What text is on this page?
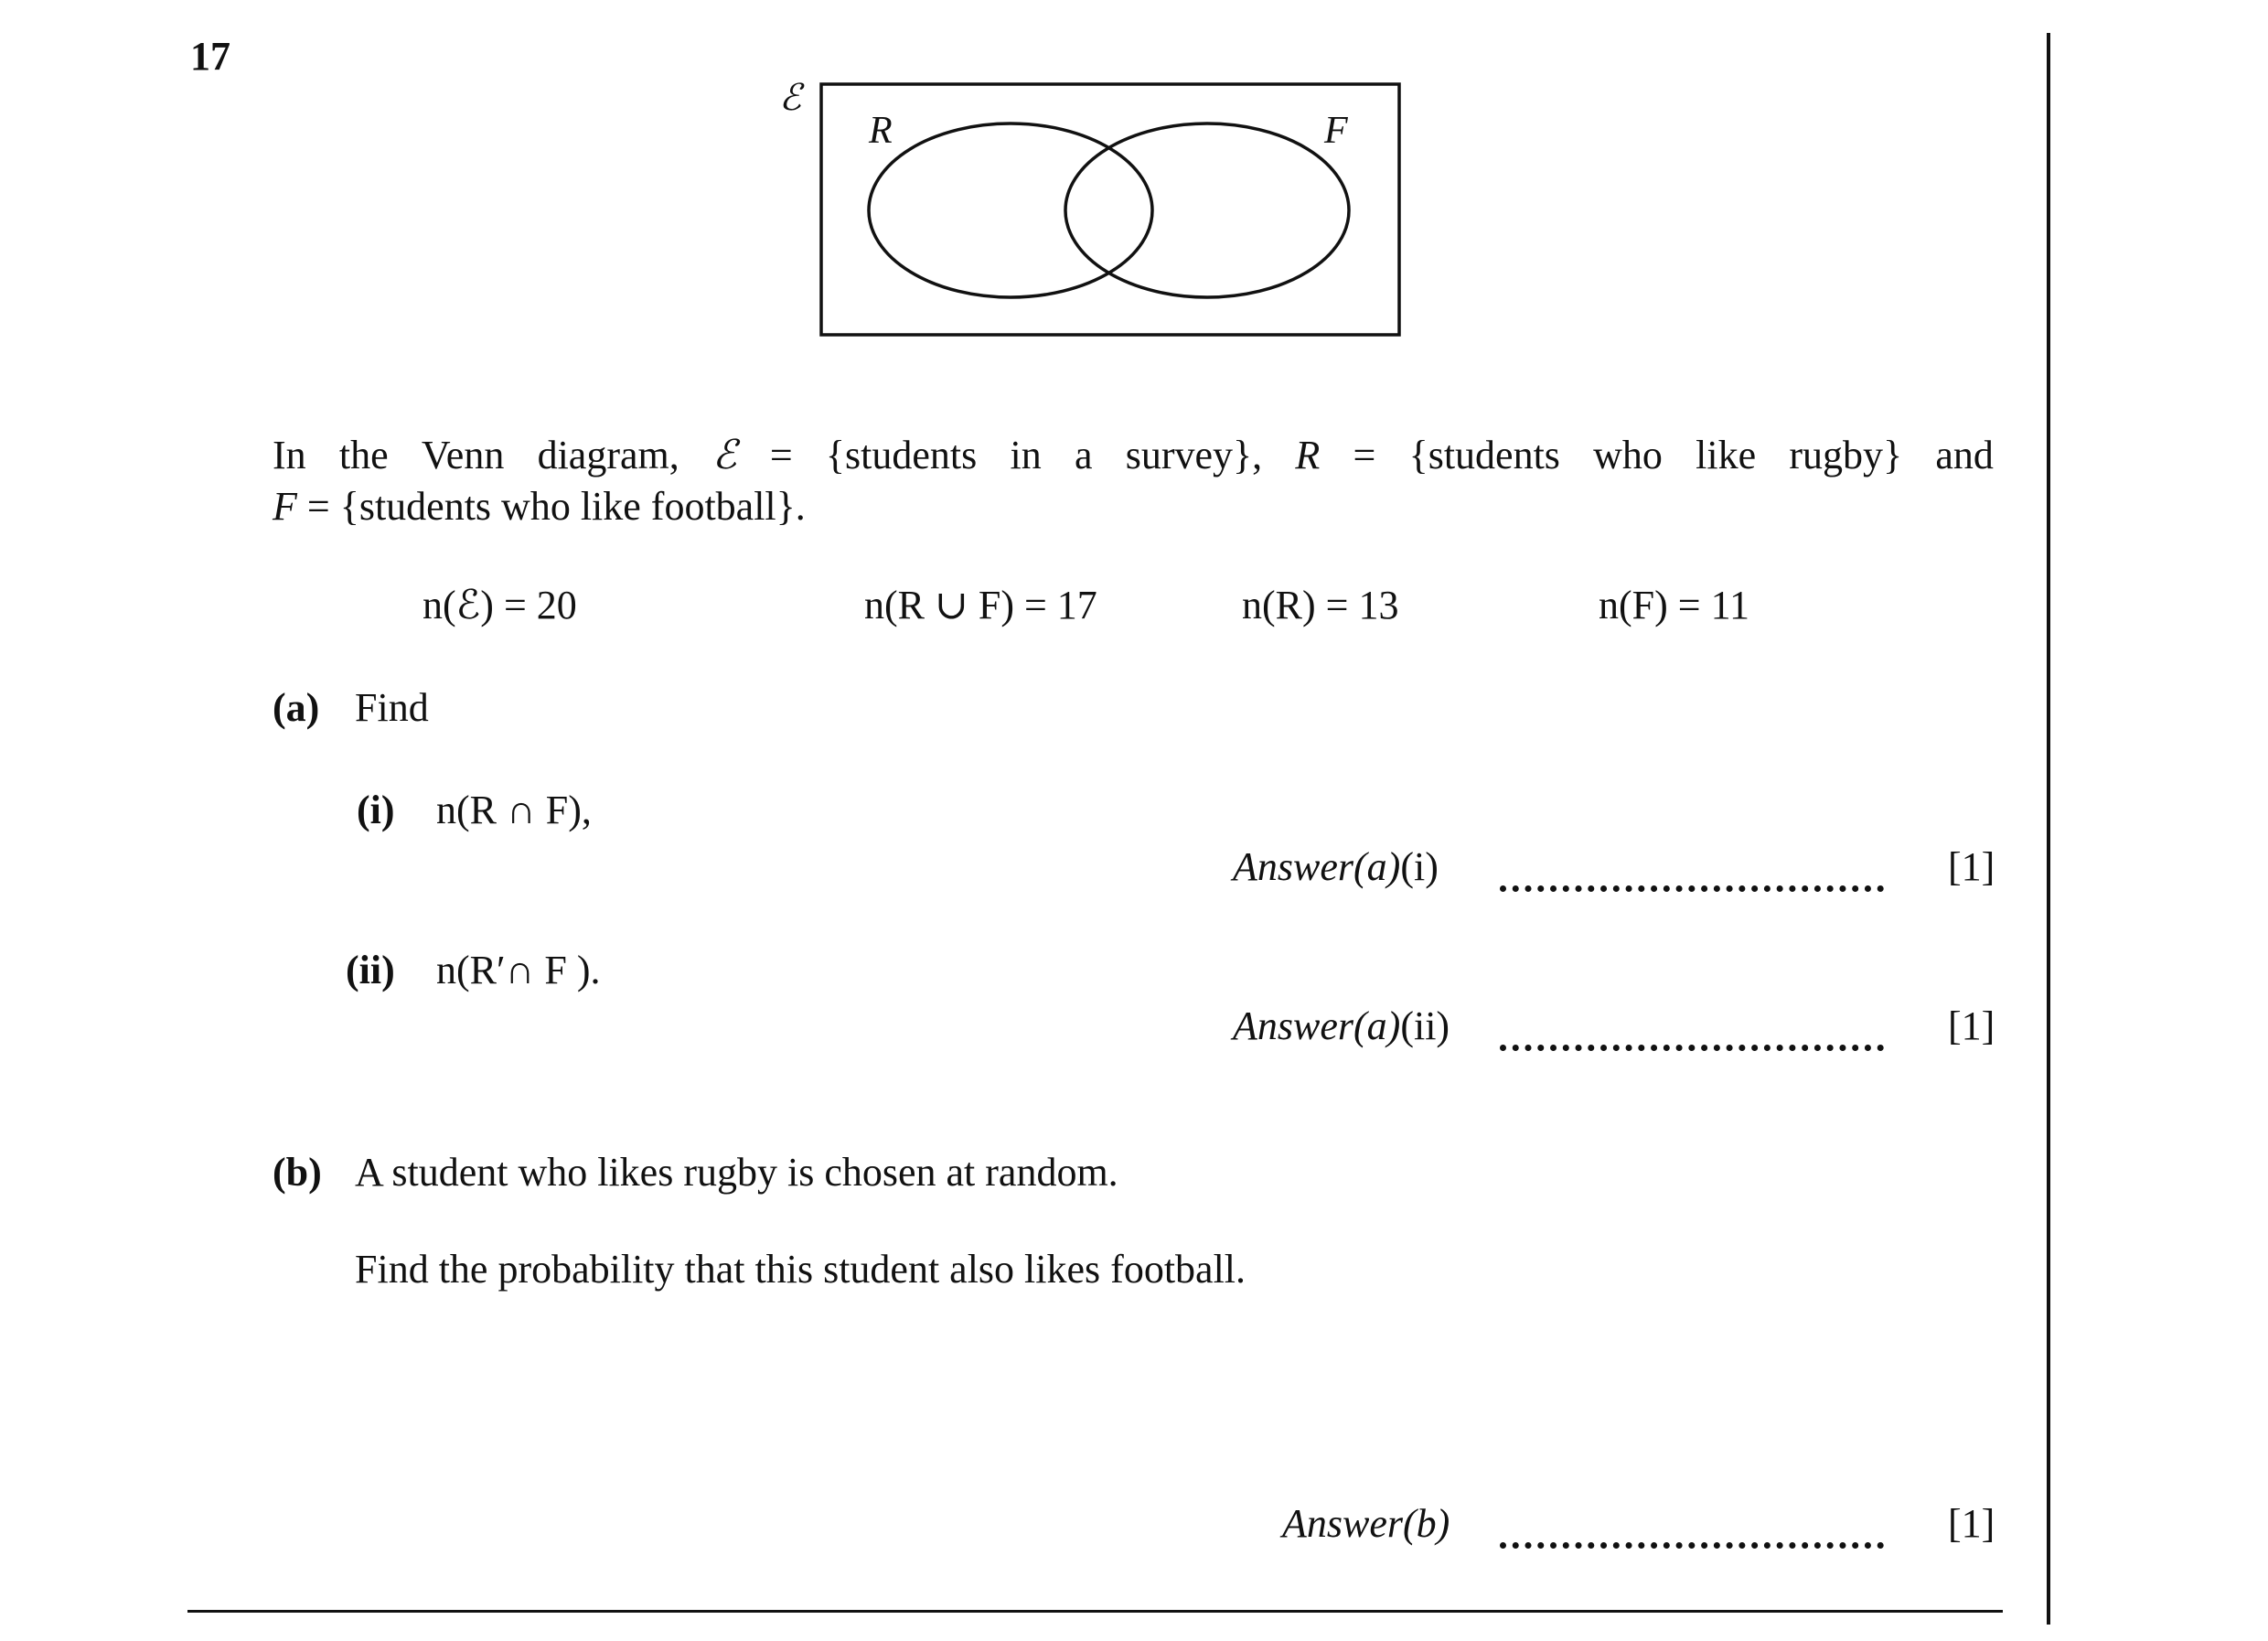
17
ℰ
R	F
In the Venn diagram, ℰ = {students in a survey}, R = {students who like rugby} and
F = {students who like football}.
n(ℰ) = 20	n(R ∪ F) = 17	n(R) = 13	n(F) = 11
(a) Find
(i) n(R ∩ F),
Answer(a)(i)	[1]
(ii) n(R′∩ F ).
Answer(a)(ii)	[1]
(b) A student who likes rugby is chosen at random.
Find the probability that this student also likes football.
Answer(b)	[1]
